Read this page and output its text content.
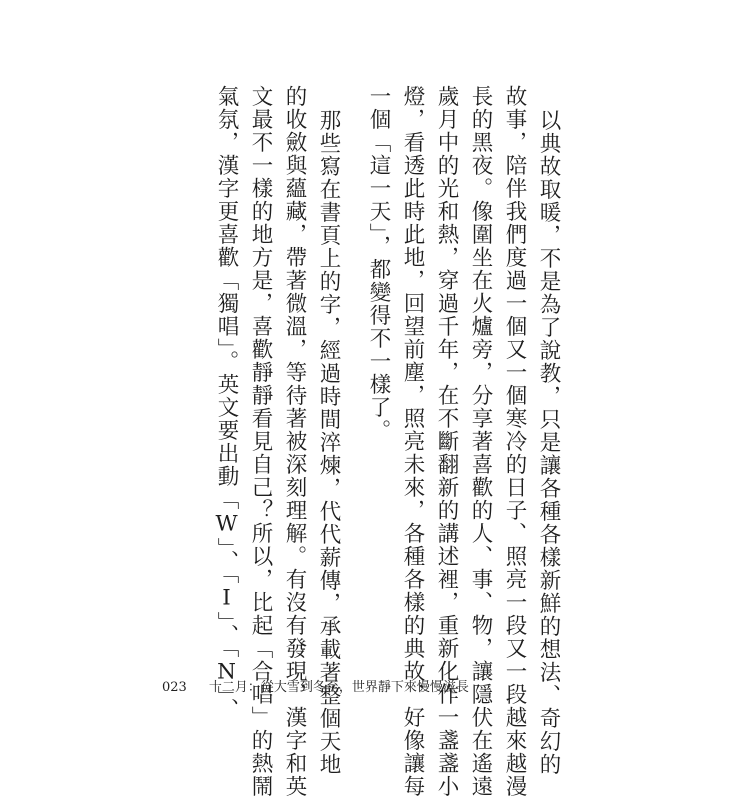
以典故取暖，不是為了說教，只是讓各種各樣新鮮的想法、奇幻的
故事，陪伴我們度過一個又一個寒冷的日子、照亮一段又一段越來越漫
長的黑夜。像圍坐在火爐旁，分享著喜歡的人、事、物，讓隱伏在遙遠
歲月中的光和熱，穿過千年，在不斷翻新的講述裡，重新化作一盞盞小
燈，看透此時此地，回望前塵，照亮未來，各種各樣的典故，好像讓每
一個「這一天」，都變得不一樣了。
那些寫在書頁上的字，經過時間淬煉，代代薪傳，承載著整個天地
的收斂與蘊藏，帶著微溫，等待著被深刻理解。有沒有發現，漢字和英
文最不一樣的地方是，喜歡靜靜看見自己？所以，比起「合唱」的熱鬧
氣氛，漢字更喜歡「獨唱」。英文要出動「W」、「I」、「N」、
023 十二月：從大雪到冬至，世界靜下來慢慢滋長
